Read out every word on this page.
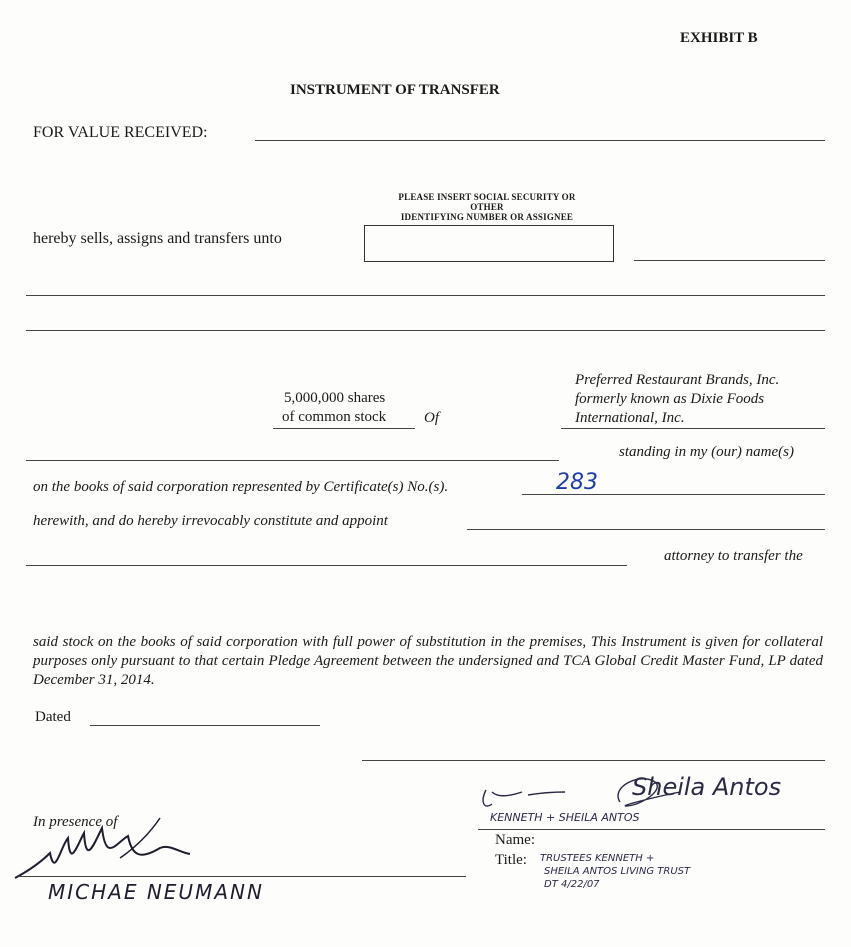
EXHIBIT B
INSTRUMENT OF TRANSFER
FOR VALUE RECEIVED:
PLEASE INSERT SOCIAL SECURITY OR
OTHER
IDENTIFYING NUMBER OR ASSIGNEE
hereby sells, assigns and transfers unto
5,000,000 shares
of common stock	Of
Preferred Restaurant Brands, Inc.
formerly known as Dixie Foods
International, Inc.
standing in my (our) name(s)
on the books of said corporation represented by Certificate(s) No.(s).	283
herewith, and do hereby irrevocably constitute and appoint
attorney to transfer the
said stock on the books of said corporation with full power of substitution in the premises, This Instrument is given for collateral purposes only pursuant to that certain Pledge Agreement between the undersigned and TCA Global Credit Master Fund, LP dated December 31, 2014.
Dated
Sheila Antos
KENNETH + SHEILA ANTOS
Name:
Title: TRUSTEES KENNETH +
SHEILA ANTOS LIVING TRUST
DT 4/22/07
In presence of
MICHAE NEUMANN
